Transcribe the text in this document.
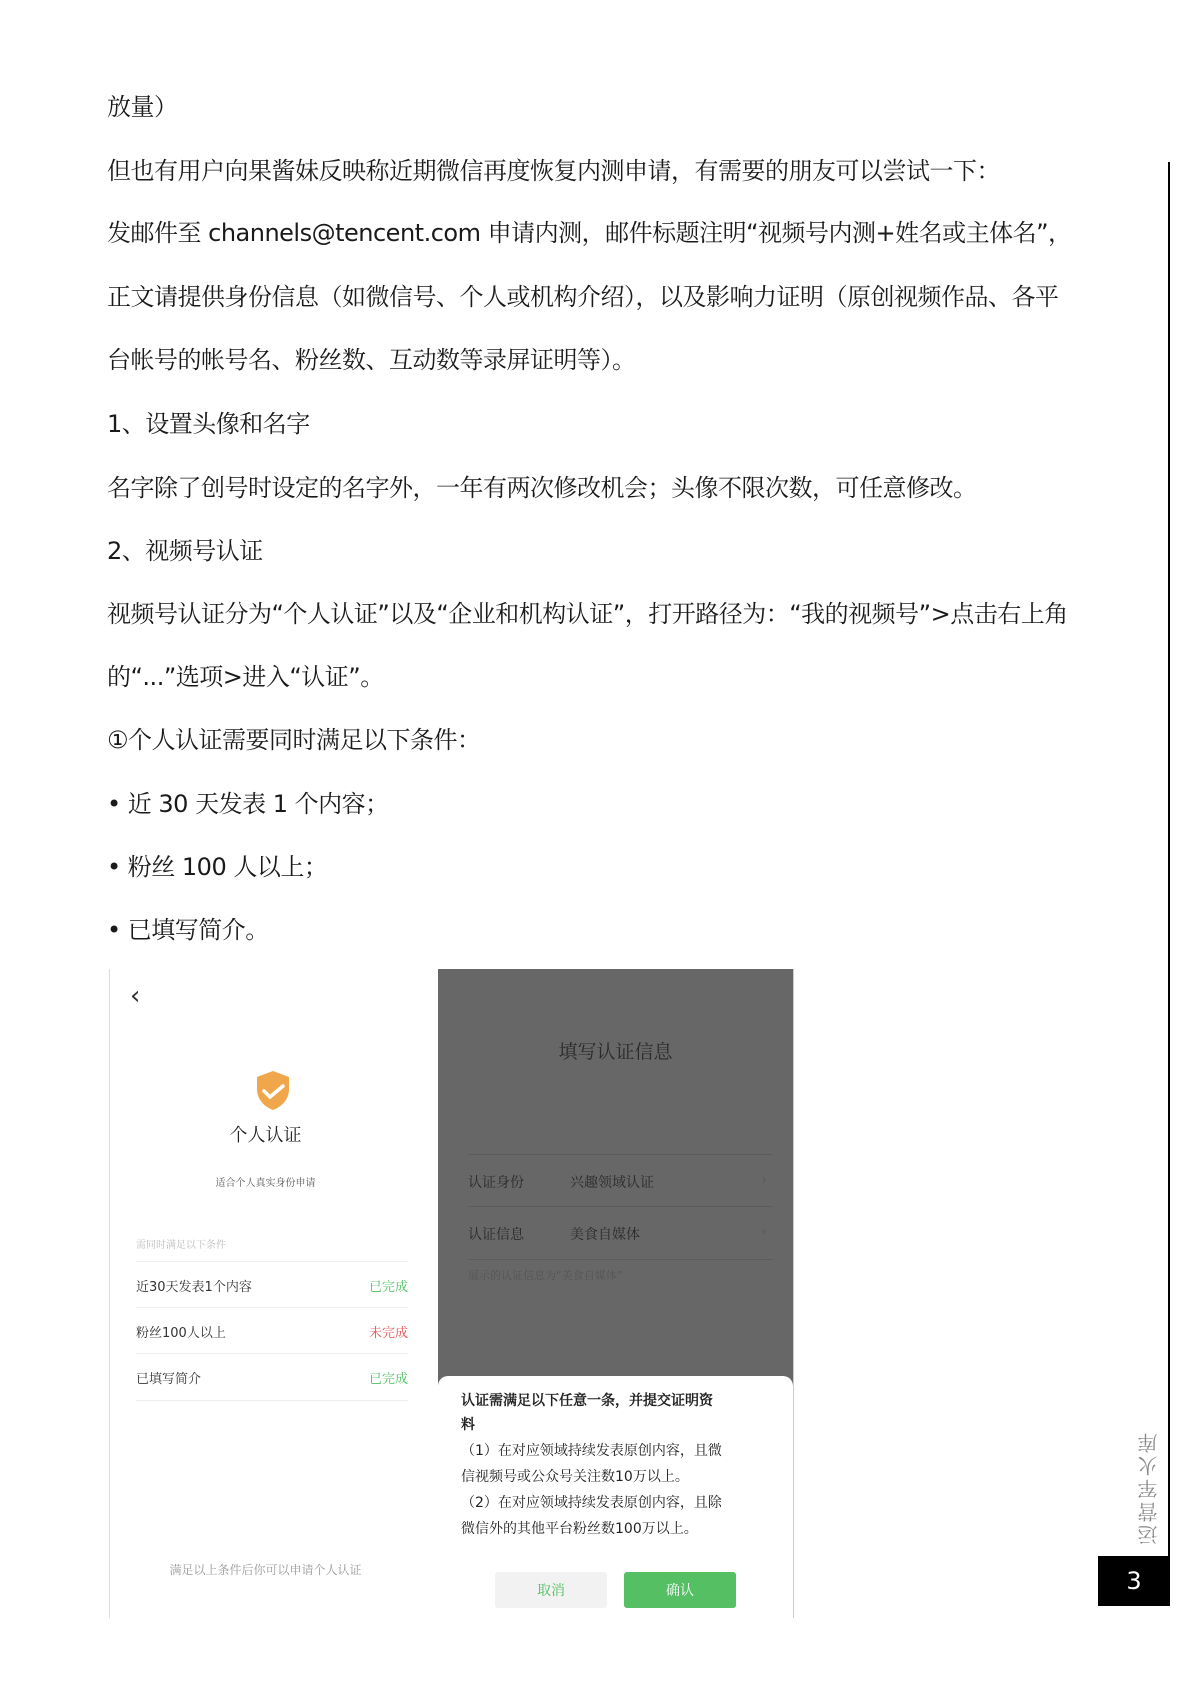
放量）
但也有用户向果酱妹反映称近期微信再度恢复内测申请，有需要的朋友可以尝试一下：
发邮件至 channels@tencent.com 申请内测，邮件标题注明“视频号内测+姓名或主体名”，
正文请提供身份信息（如微信号、个人或机构介绍），以及影响力证明（原创视频作品、各平
台帐号的帐号名、粉丝数、互动数等录屏证明等）。
1、设置头像和名字
名字除了创号时设定的名字外，一年有两次修改机会；头像不限次数，可任意修改。
2、视频号认证
视频号认证分为“个人认证”以及“企业和机构认证”，打开路径为：“我的视频号”>点击右上角
的“...”选项>进入“认证”。
①个人认证需要同时满足以下条件：
• 近 30 天发表 1 个内容；
• 粉丝 100 人以上；
• 已填写简介。
‹
个人认证
适合个人真实身份申请
需同时满足以下条件
近30天发表1个内容	已完成
粉丝100人以上	未完成
已填写简介	已完成
满足以上条件后你可以申请个人认证
填写认证信息
认证身份	兴趣领域认证	›
认证信息	美食自媒体	›
展示的认证信息为“美食自媒体”
认证需满足以下任意一条，并提交证明资
料
（1）在对应领域持续发表原创内容，且微
信视频号或公众号关注数10万以上。
（2）在对应领域持续发表原创内容，且除
微信外的其他平台粉丝数100万以上。
取消	确认
运营军火库
3
